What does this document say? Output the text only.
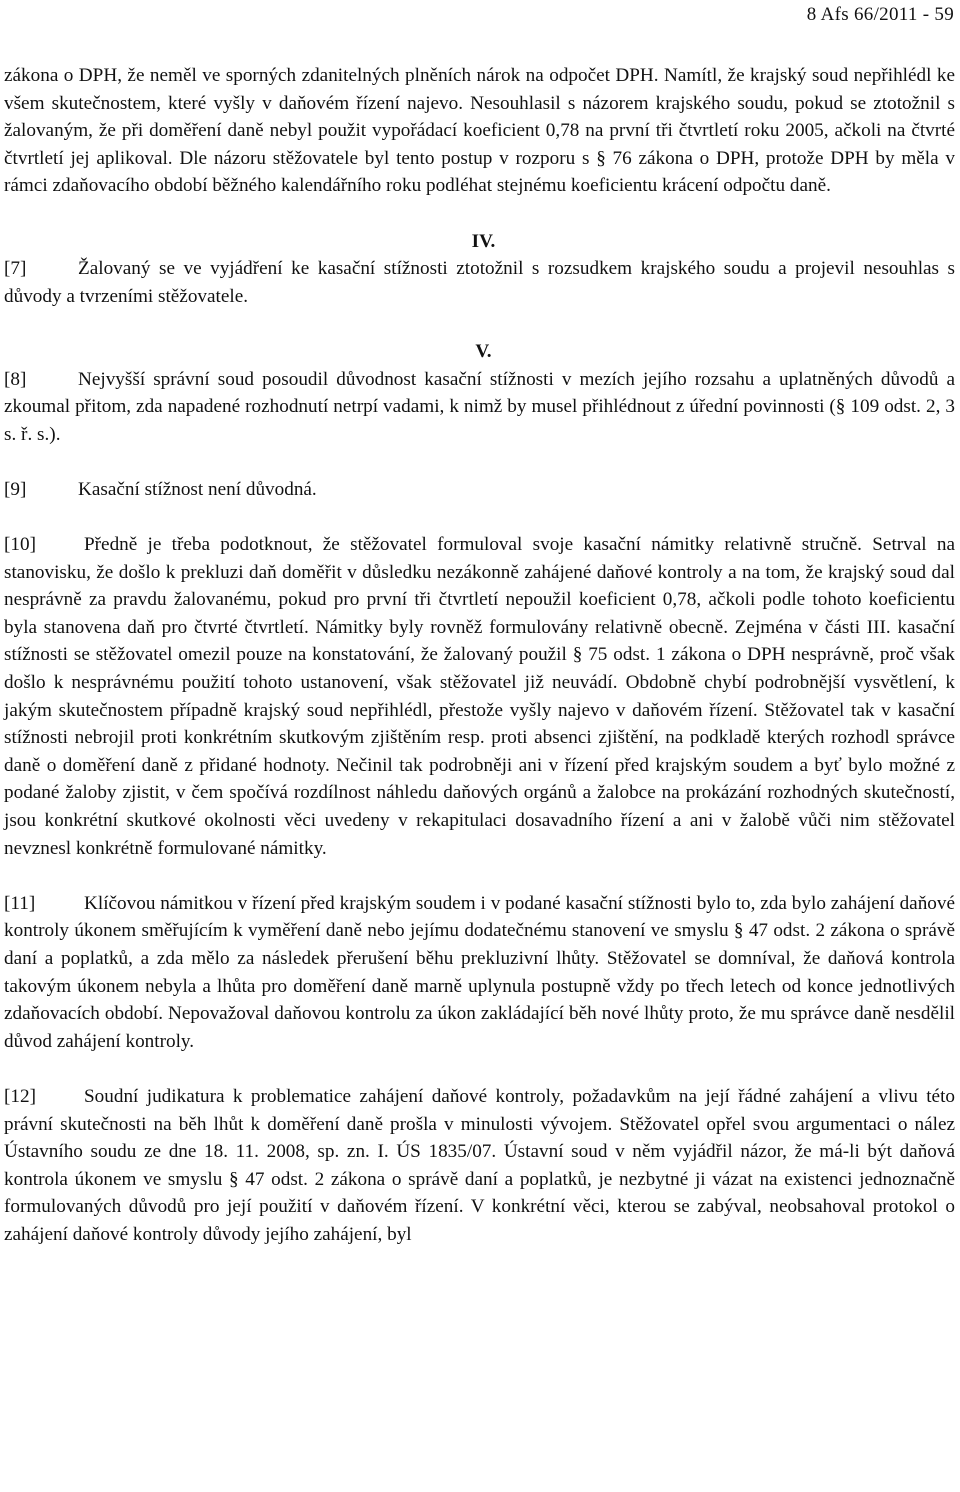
8 Afs 66/2011 - 59

zákona o DPH, že neměl ve sporných zdanitelných plněních nárok na odpočet DPH. Namítl, že krajský soud nepřihlédl ke všem skutečnostem, které vyšly v daňovém řízení najevo. Nesouhlasil s názorem krajského soudu, pokud se ztotožnil s žalovaným, že při doměření daně nebyl použit vypořádací koeficient 0,78 na první tři čtvrtletí roku 2005, ačkoli na čtvrté čtvrtletí jej aplikoval. Dle názoru stěžovatele byl tento postup v rozporu s § 76 zákona o DPH, protože DPH by měla v rámci zdaňovacího období běžného kalendářního roku podléhat stejnému koeficientu krácení odpočtu daně.

IV.

[7]	Žalovaný se ve vyjádření ke kasační stížnosti ztotožnil s rozsudkem krajského soudu a projevil nesouhlas s důvody a tvrzeními stěžovatele.

V.

[8]	Nejvyšší správní soud posoudil důvodnost kasační stížnosti v mezích jejího rozsahu a uplatněných důvodů a zkoumal přitom, zda napadené rozhodnutí netrpí vadami, k nimž by musel přihlédnout z úřední povinnosti (§ 109 odst. 2, 3 s. ř. s.).

[9]	Kasační stížnost není důvodná.

[10]	Předně je třeba podotknout, že stěžovatel formuloval svoje kasační námitky relativně stručně. Setrval na stanovisku, že došlo k prekluzi daň doměřit v důsledku nezákonně zahájené daňové kontroly a na tom, že krajský soud dal nesprávně za pravdu žalovanému, pokud pro první tři čtvrtletí nepoužil koeficient 0,78, ačkoli podle tohoto koeficientu byla stanovena daň pro čtvrté čtvrtletí. Námitky byly rovněž formulovány relativně obecně. Zejména v části III. kasační stížnosti se stěžovatel omezil pouze na konstatování, že žalovaný použil § 75 odst. 1 zákona o DPH nesprávně, proč však došlo k nesprávnému použití tohoto ustanovení, však stěžovatel již neuvádí. Obdobně chybí podrobnější vysvětlení, k jakým skutečnostem případně krajský soud nepřihlédl, přestože vyšly najevo v daňovém řízení. Stěžovatel tak v kasační stížnosti nebrojil proti konkrétním skutkovým zjištěním resp. proti absenci zjištění, na podkladě kterých rozhodl správce daně o doměření daně z přidané hodnoty. Nečinil tak podrobněji ani v řízení před krajským soudem a byť bylo možné z podané žaloby zjistit, v čem spočívá rozdílnost náhledu daňových orgánů a žalobce na prokázání rozhodných skutečností, jsou konkrétní skutkové okolnosti věci uvedeny v rekapitulaci dosavadního řízení a ani v žalobě vůči nim stěžovatel nevznesl konkrétně formulované námitky.

[11]	Klíčovou námitkou v řízení před krajským soudem i v podané kasační stížnosti bylo to, zda bylo zahájení daňové kontroly úkonem směřujícím k vyměření daně nebo jejímu dodatečnému stanovení ve smyslu § 47 odst. 2 zákona o správě daní a poplatků, a zda mělo za následek přerušení běhu prekluzivní lhůty. Stěžovatel se domníval, že daňová kontrola takovým úkonem nebyla a lhůta pro doměření daně marně uplynula postupně vždy po třech letech od konce jednotlivých zdaňovacích období. Nepovažoval daňovou kontrolu za úkon zakládající běh nové lhůty proto, že mu správce daně nesdělil důvod zahájení kontroly.

[12]	Soudní judikatura k problematice zahájení daňové kontroly, požadavkům na její řádné zahájení a vlivu této právní skutečnosti na běh lhůt k doměření daně prošla v minulosti vývojem. Stěžovatel opřel svou argumentaci o nález Ústavního soudu ze dne 18. 11. 2008, sp. zn. I. ÚS 1835/07. Ústavní soud v něm vyjádřil názor, že má-li být daňová kontrola úkonem ve smyslu § 47 odst. 2 zákona o správě daní a poplatků, je nezbytné ji vázat na existenci jednoznačně formulovaných důvodů pro její použití v daňovém řízení. V konkrétní věci, kterou se zabýval, neobsahoval protokol o zahájení daňové kontroly důvody jejího zahájení, byl
